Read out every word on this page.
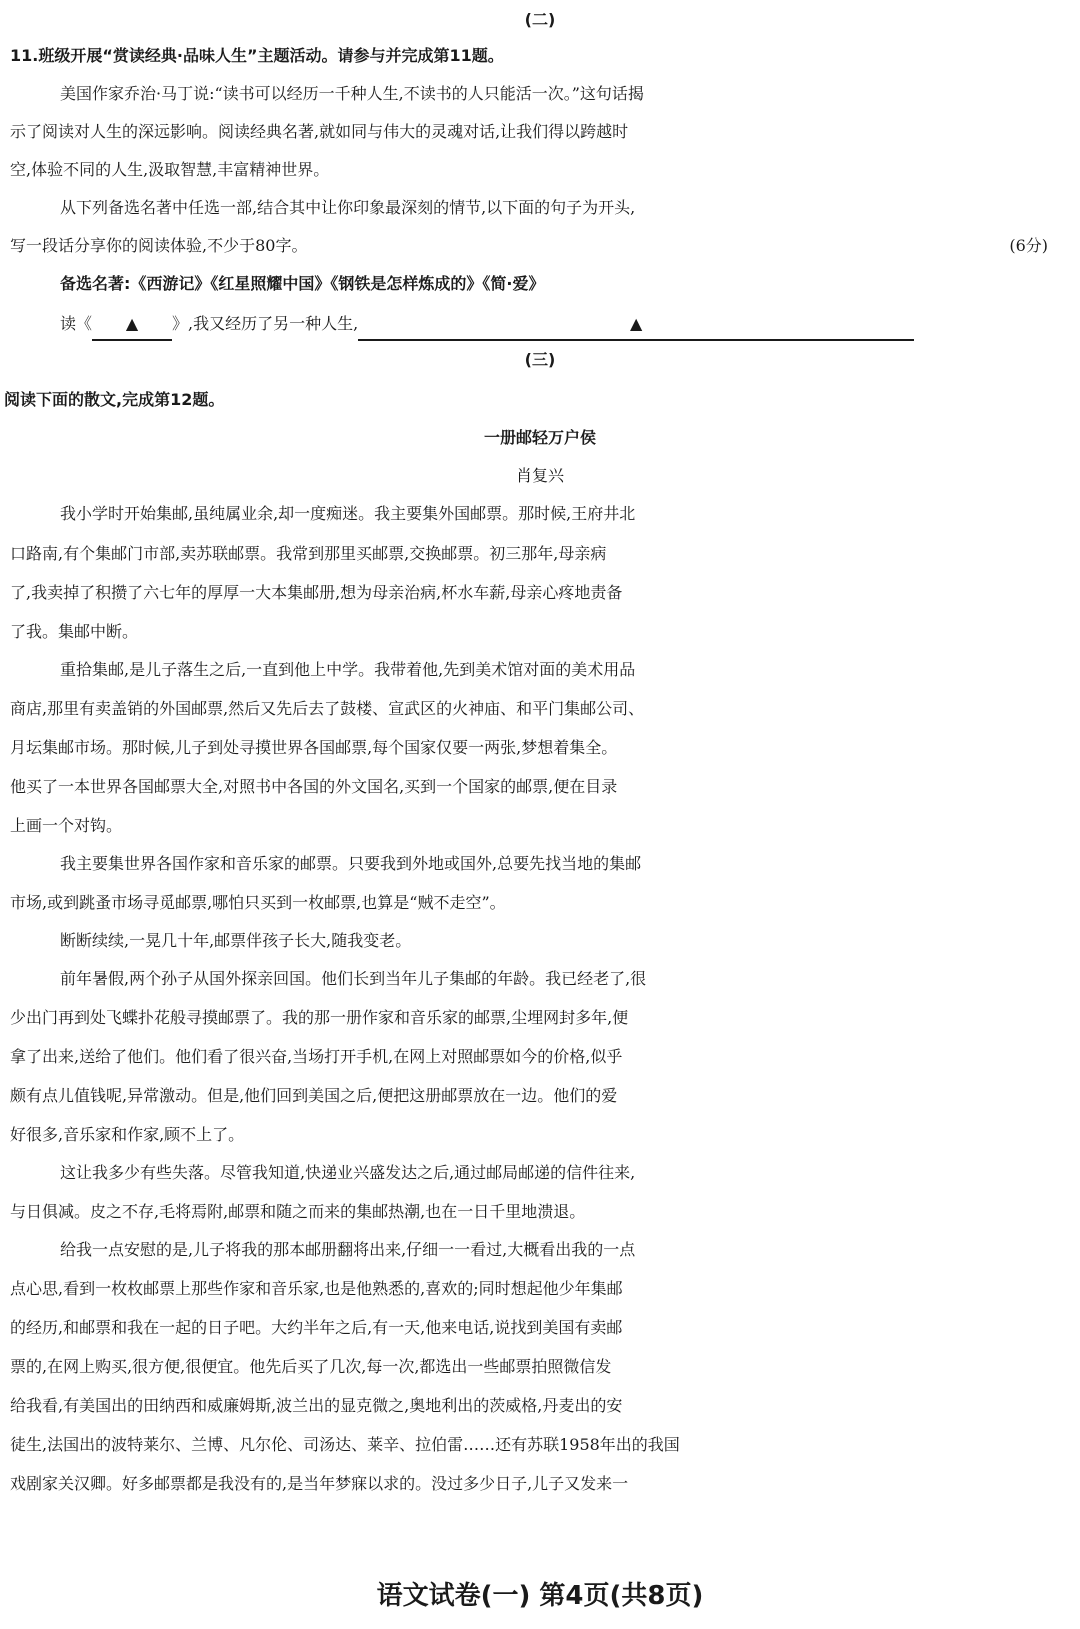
(二)
11.班级开展“赏读经典·品味人生”主题活动。请参与并完成第11题。
美国作家乔治·马丁说:“读书可以经历一千种人生,不读书的人只能活一次。”这句话揭
示了阅读对人生的深远影响。阅读经典名著,就如同与伟大的灵魂对话,让我们得以跨越时
空,体验不同的人生,汲取智慧,丰富精神世界。
从下列备选名著中任选一部,结合其中让你印象最深刻的情节,以下面的句子为开头,
写一段话分享你的阅读体验,不少于80字。	(6分)
备选名著:《西游记》《红星照耀中国》《钢铁是怎样炼成的》《简·爱》
读《 ▲ 》,我又经历了另一种人生,	▲
(三)
阅读下面的散文,完成第12题。
一册邮轻万户侯
肖复兴
我小学时开始集邮,虽纯属业余,却一度痴迷。我主要集外国邮票。那时候,王府井北
口路南,有个集邮门市部,卖苏联邮票。我常到那里买邮票,交换邮票。初三那年,母亲病
了,我卖掉了积攒了六七年的厚厚一大本集邮册,想为母亲治病,杯水车薪,母亲心疼地责备
了我。集邮中断。
重拾集邮,是儿子落生之后,一直到他上中学。我带着他,先到美术馆对面的美术用品
商店,那里有卖盖销的外国邮票,然后又先后去了鼓楼、宣武区的火神庙、和平门集邮公司、
月坛集邮市场。那时候,儿子到处寻摸世界各国邮票,每个国家仅要一两张,梦想着集全。
他买了一本世界各国邮票大全,对照书中各国的外文国名,买到一个国家的邮票,便在目录
上画一个对钩。
我主要集世界各国作家和音乐家的邮票。只要我到外地或国外,总要先找当地的集邮
市场,或到跳蚤市场寻觅邮票,哪怕只买到一枚邮票,也算是“贼不走空”。
断断续续,一晃几十年,邮票伴孩子长大,随我变老。
前年暑假,两个孙子从国外探亲回国。他们长到当年儿子集邮的年龄。我已经老了,很
少出门再到处飞蝶扑花般寻摸邮票了。我的那一册作家和音乐家的邮票,尘埋网封多年,便
拿了出来,送给了他们。他们看了很兴奋,当场打开手机,在网上对照邮票如今的价格,似乎
颇有点儿值钱呢,异常激动。但是,他们回到美国之后,便把这册邮票放在一边。他们的爱
好很多,音乐家和作家,顾不上了。
这让我多少有些失落。尽管我知道,快递业兴盛发达之后,通过邮局邮递的信件往来,
与日俱减。皮之不存,毛将焉附,邮票和随之而来的集邮热潮,也在一日千里地溃退。
给我一点安慰的是,儿子将我的那本邮册翻将出来,仔细一一看过,大概看出我的一点
点心思,看到一枚枚邮票上那些作家和音乐家,也是他熟悉的,喜欢的;同时想起他少年集邮
的经历,和邮票和我在一起的日子吧。大约半年之后,有一天,他来电话,说找到美国有卖邮
票的,在网上购买,很方便,很便宜。他先后买了几次,每一次,都选出一些邮票拍照微信发
给我看,有美国出的田纳西和威廉姆斯,波兰出的显克微之,奥地利出的茨威格,丹麦出的安
徒生,法国出的波特莱尔、兰博、凡尔伦、司汤达、莱辛、拉伯雷……还有苏联1958年出的我国
戏剧家关汉卿。好多邮票都是我没有的,是当年梦寐以求的。没过多少日子,儿子又发来一
语文试卷(一) 第4页(共8页)
